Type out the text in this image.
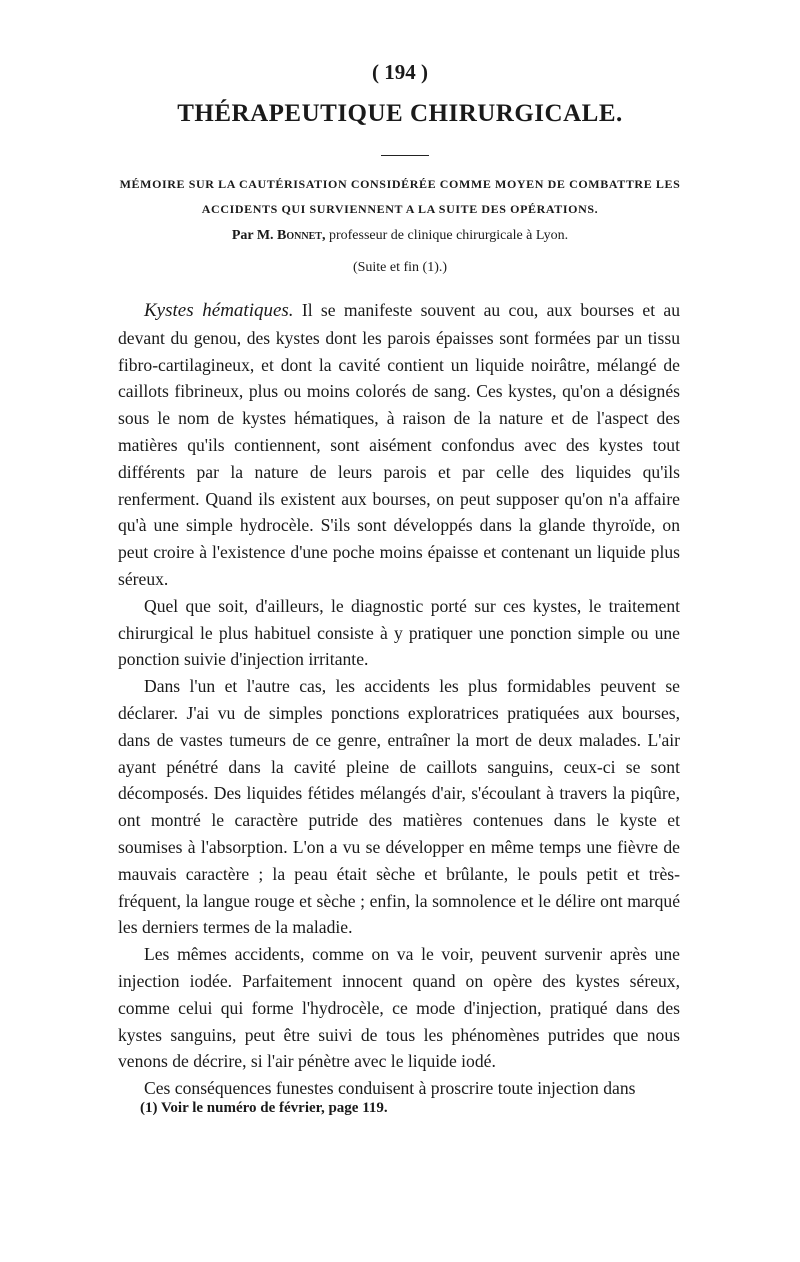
( 194 )
THÉRAPEUTIQUE CHIRURGICALE.
MÉMOIRE SUR LA CAUTÉRISATION CONSIDÉRÉE COMME MOYEN DE COMBATTRE LES ACCIDENTS QUI SURVIENNENT A LA SUITE DES OPÉRATIONS.
Par M. Bonnet, professeur de clinique chirurgicale à Lyon.
(Suite et fin (1).)

Kystes hématiques. Il se manifeste souvent au cou, aux bourses et au devant du genou, des kystes dont les parois épaisses sont formées par un tissu fibro-cartilagineux, et dont la cavité contient un liquide noirâtre, mélangé de caillots fibrineux, plus ou moins colorés de sang. Ces kystes, qu'on a désignés sous le nom de kystes hématiques, à raison de la nature et de l'aspect des matières qu'ils contiennent, sont aisément confondus avec des kystes tout différents par la nature de leurs parois et par celle des liquides qu'ils renferment. Quand ils existent aux bourses, on peut supposer qu'on n'a affaire qu'à une simple hydrocèle. S'ils sont développés dans la glande thyroïde, on peut croire à l'existence d'une poche moins épaisse et contenant un liquide plus séreux.

Quel que soit, d'ailleurs, le diagnostic porté sur ces kystes, le traitement chirurgical le plus habituel consiste à y pratiquer une ponction simple ou une ponction suivie d'injection irritante.

Dans l'un et l'autre cas, les accidents les plus formidables peuvent se déclarer. J'ai vu de simples ponctions exploratrices pratiquées aux bourses, dans de vastes tumeurs de ce genre, entraîner la mort de deux malades. L'air ayant pénétré dans la cavité pleine de caillots sanguins, ceux-ci se sont décomposés. Des liquides fétides mélangés d'air, s'écoulant à travers la piqûre, ont montré le caractère putride des matières contenues dans le kyste et soumises à l'absorption. L'on a vu se développer en même temps une fièvre de mauvais caractère ; la peau était sèche et brûlante, le pouls petit et très-fréquent, la langue rouge et sèche ; enfin, la somnolence et le délire ont marqué les derniers termes de la maladie.

Les mêmes accidents, comme on va le voir, peuvent survenir après une injection iodée. Parfaitement innocent quand on opère des kystes séreux, comme celui qui forme l'hydrocèle, ce mode d'injection, pratiqué dans des kystes sanguins, peut être suivi de tous les phénomènes putrides que nous venons de décrire, si l'air pénètre avec le liquide iodé.

Ces conséquences funestes conduisent à proscrire toute injection dans

(1) Voir le numéro de février, page 119.
